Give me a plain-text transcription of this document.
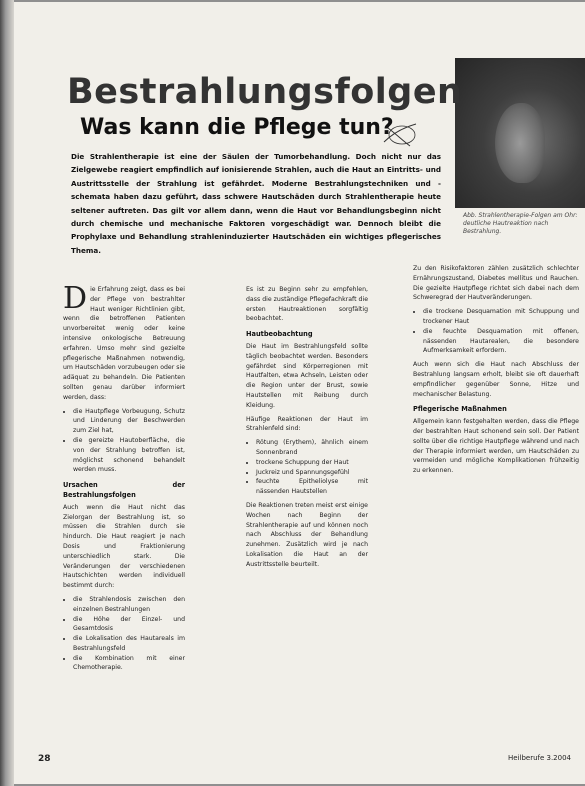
Abb. Strahlentherapie-Folgen am Ohr: deutliche Hautreaktion nach Bestrahlung.
Bestrahlungsfolgen
Was kann die Pflege tun?
Die Strahlentherapie ist eine der Säulen der Tumorbehandlung. Doch nicht nur das Zielgewebe reagiert empfindlich auf ionisierende Strahlen, auch die Haut an Eintritts- und Austrittsstelle der Strahlung ist gefährdet. Moderne Bestrahlungstechniken und -schemata haben dazu geführt, dass schwere Hautschäden durch Strahlentherapie heute seltener auftreten. Das gilt vor allem dann, wenn die Haut vor Behandlungsbeginn nicht durch chemische und mechanische Faktoren vorgeschädigt war. Dennoch bleibt die Prophylaxe und Behandlung strahleninduzierter Hautschäden ein wichtiges pflegerisches Thema.

D ie Erfahrung zeigt, dass es bei der Pflege von bestrahlter Haut weniger Richtlinien gibt, wenn die betroffenen Patienten unvorbereitet wenig oder keine intensive onkologische Betreuung erfahren. Umso mehr sind gezielte pflegerische Maßnahmen notwendig, um Hautschäden vorzubeugen oder sie adäquat zu behandeln. Die Patienten sollten genau darüber informiert werden, dass:

• die Hautpflege Vorbeugung, Schutz und Linderung der Beschwerden zum Ziel hat,
• die gereizte Hautoberfläche, die von der Strahlung betroffen ist, möglichst schonend behandelt werden muss.
Ursachen der Bestrahlungsfolgen

Auch wenn die Haut nicht das Zielorgan der Bestrahlung ist, so müssen die Strahlen durch sie hindurch. Die Haut reagiert je nach Dosis und Fraktionierung unterschiedlich stark. Die Veränderungen der verschiedenen Hautschichten werden individuell bestimmt durch:

• die Strahlendosis zwischen den einzelnen Bestrahlungen
• die Höhe der Einzel- und Gesamtdosis
• die Lokalisation des Hautareals im Bestrahlungsfeld
• die Kombination mit einer Chemotherapie.

Es ist zu Beginn sehr zu empfehlen, dass die zuständige Pflegefachkraft die ersten Hautreaktionen sorgfältig beobachtet.

Hautbeobachtung

Die Haut im Bestrahlungsfeld sollte täglich beobachtet werden. Besonders gefährdet sind Körperregionen mit Hautfalten, etwa Achseln, Leisten oder die Region unter der Brust, sowie Hautstellen mit Reibung durch Kleidung.

Häufige Reaktionen der Haut im Strahlenfeld sind:

• Rötung (Erythem), ähnlich einem Sonnenbrand
• trockene Schuppung der Haut
• Juckreiz und Spannungsgefühl
• feuchte Epitheliolyse mit nässenden Hautstellen

Die Reaktionen treten meist erst einige Wochen nach Beginn der Strahlentherapie auf und können noch nach Abschluss der Behandlung zunehmen. Zusätzlich wird je nach Lokalisation die Haut an der Austrittsstelle beurteilt.

Zu den Risikofaktoren zählen zusätzlich schlechter Ernährungszustand, Diabetes mellitus und Rauchen. Die gezielte Hautpflege richtet sich dabei nach dem Schweregrad der Hautveränderungen.

• die trockene Desquamation mit Schuppung und trockener Haut
• die feuchte Desquamation mit offenen, nässenden Hautarealen, die besondere Aufmerksamkeit erfordern.

Auch wenn sich die Haut nach Abschluss der Bestrahlung langsam erholt, bleibt sie oft dauerhaft empfindlicher gegenüber Sonne, Hitze und mechanischer Belastung.

Pflegerische Maßnahmen

Allgemein kann festgehalten werden, dass die Pflege der bestrahlten Haut schonend sein soll. Der Patient sollte über die richtige Hautpflege während und nach der Therapie informiert werden, um Hautschäden zu vermeiden und mögliche Komplikationen frühzeitig zu erkennen.

28	Heilberufe 3.2004
